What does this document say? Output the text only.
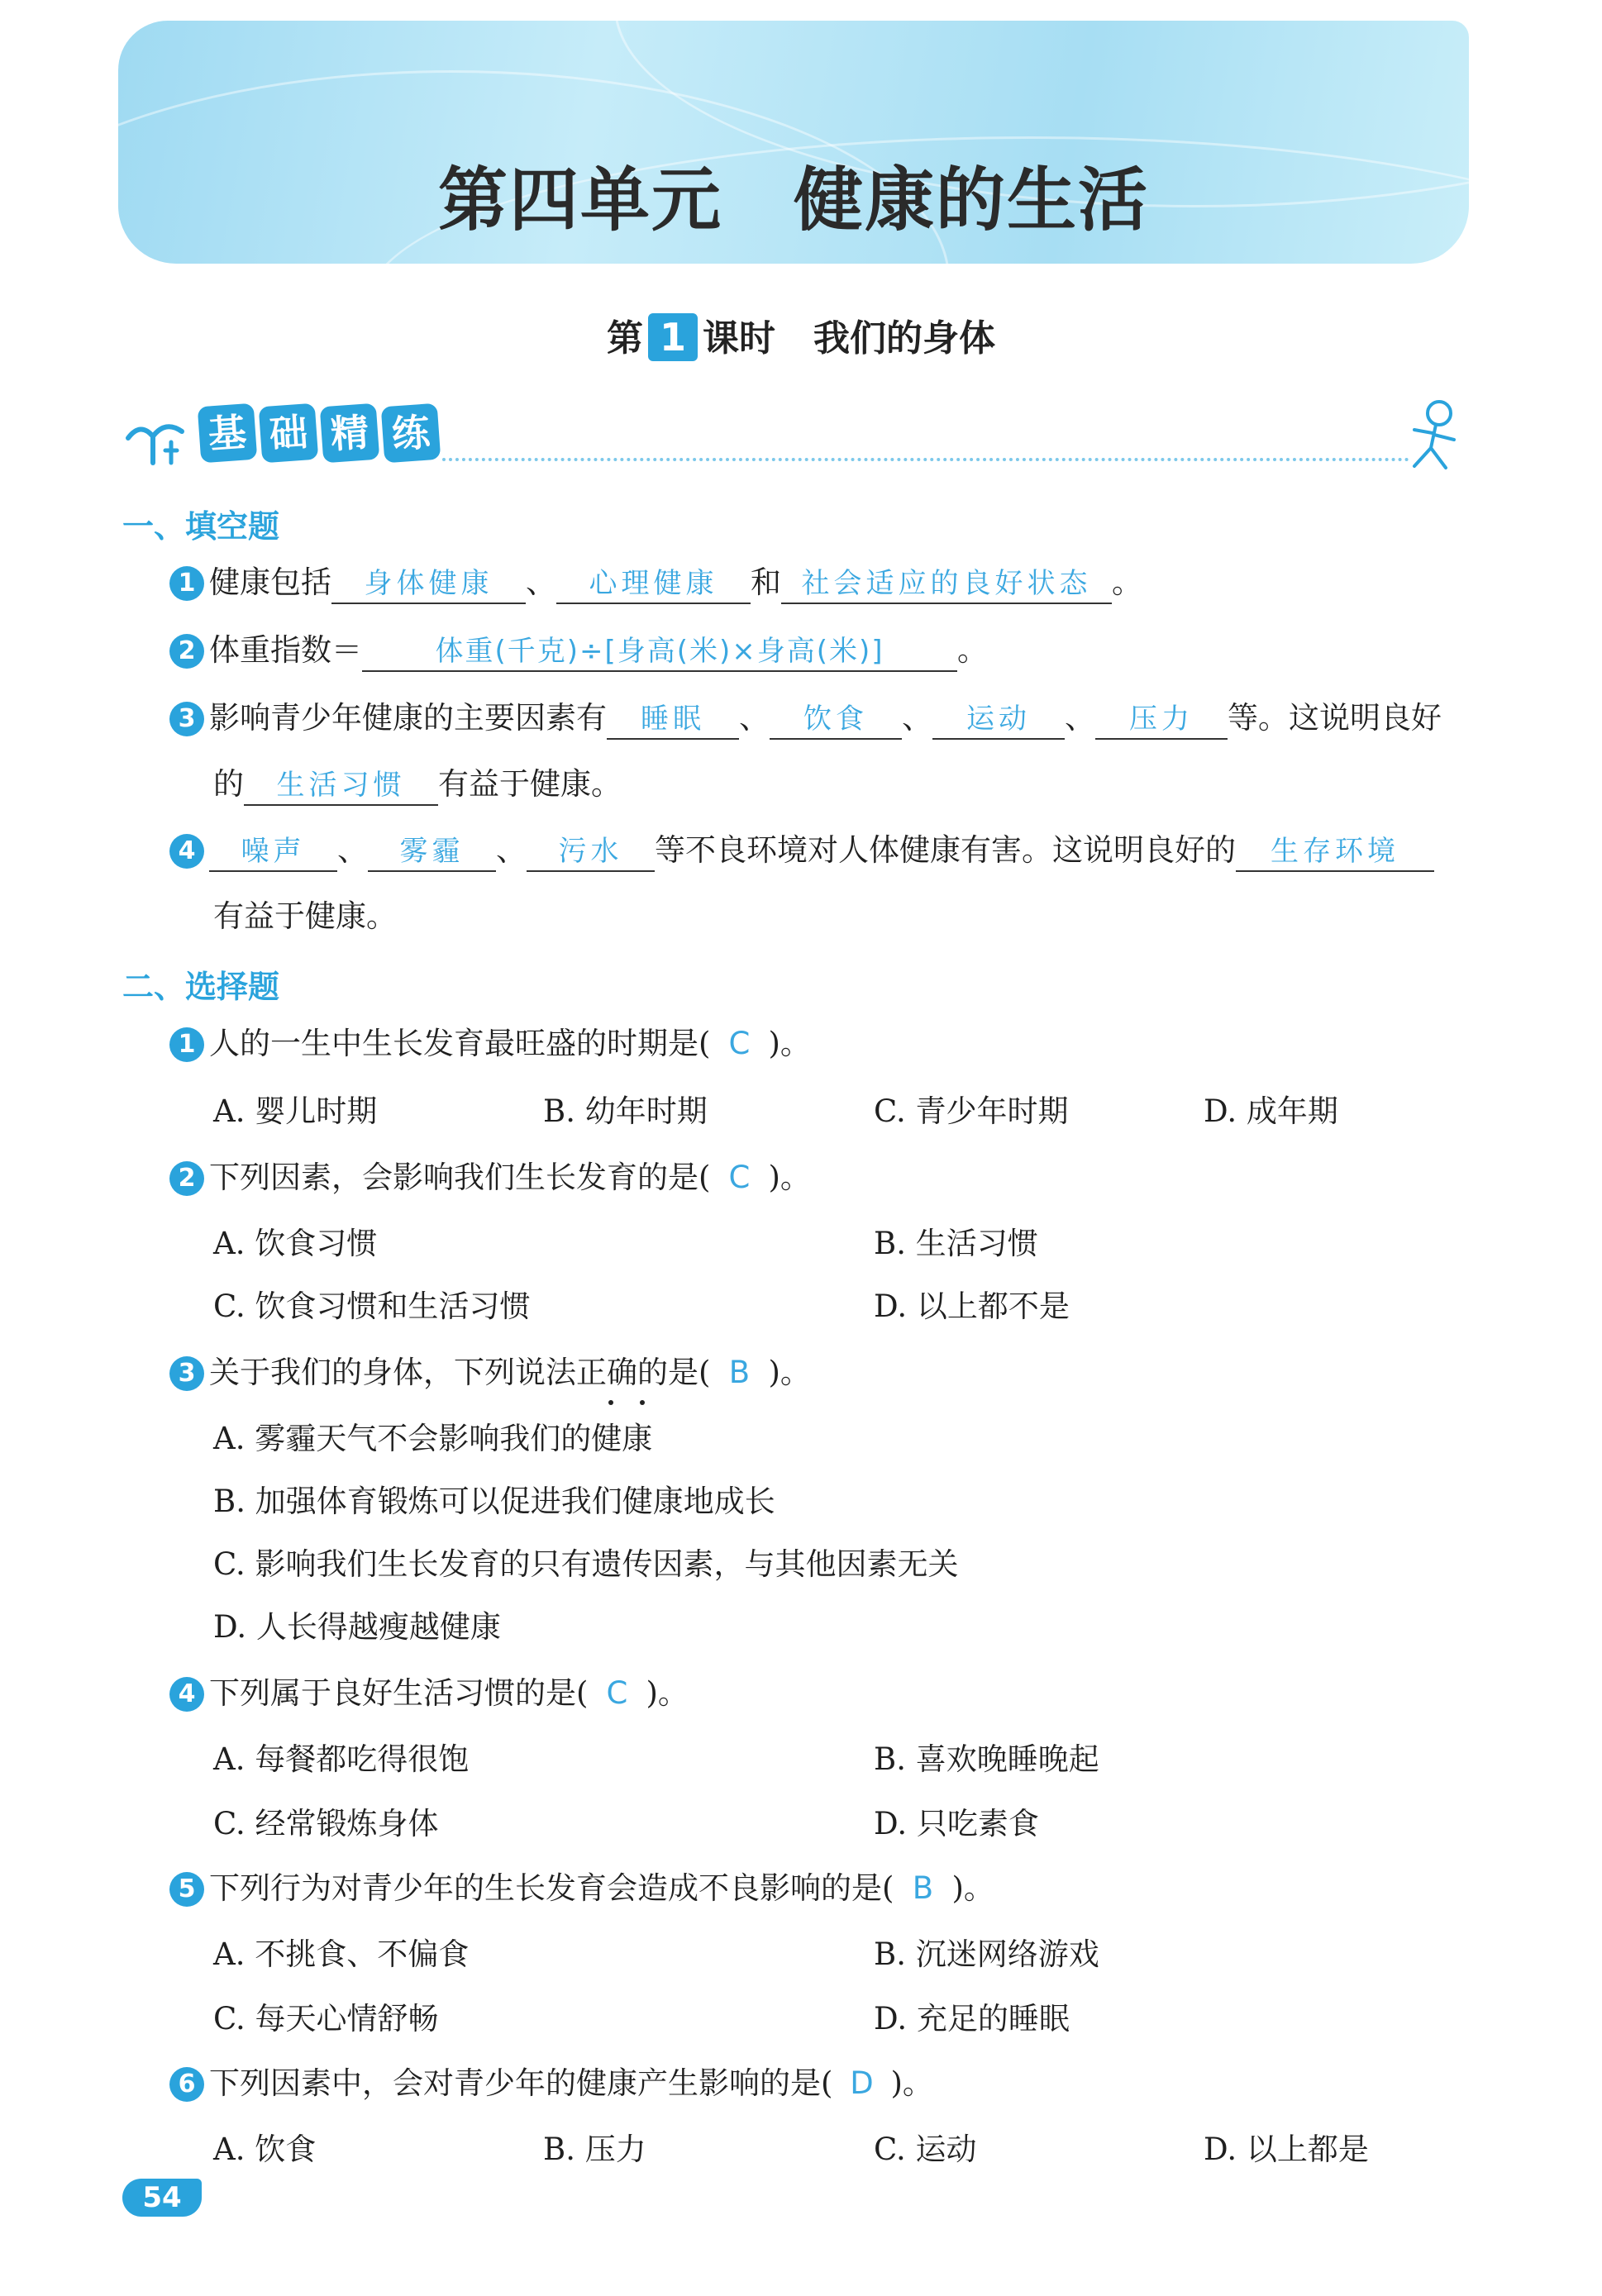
第四单元　健康的生活
第 1 课时 我们的身体
基 础 精 练
一、填空题
1 健康包括 身体健康 、 心理健康 和 社会适应的良好状态 。
2 体重指数＝	体重(千克)÷[身高(米)×身高(米)] 。
3 影响青少年健康的主要因素有 睡眠 、 饮食 、 运动 、 压力 等。这说明良好
的 生活习惯 有益于健康。
4 噪声 、 雾霾 、 污水 等不良环境对人体健康有害。这说明良好的 生存环境
有益于健康。
二、选择题
1 人的一生中生长发育最旺盛的时期是( C )。
A. 婴儿时期	B. 幼年时期	C. 青少年时期	D. 成年期
2 下列因素，会影响我们生长发育的是( C )。
A. 饮食习惯	B. 生活习惯
C. 饮食习惯和生活习惯	D. 以上都不是
3 关于我们的身体，下列说法正确的是( B )。
A. 雾霾天气不会影响我们的健康
B. 加强体育锻炼可以促进我们健康地成长
C. 影响我们生长发育的只有遗传因素，与其他因素无关
D. 人长得越瘦越健康
4 下列属于良好生活习惯的是( C )。
A. 每餐都吃得很饱	B. 喜欢晚睡晚起
C. 经常锻炼身体	D. 只吃素食
5 下列行为对青少年的生长发育会造成不良影响的是( B )。
A. 不挑食、不偏食	B. 沉迷网络游戏
C. 每天心情舒畅	D. 充足的睡眠
6 下列因素中，会对青少年的健康产生影响的是( D )。
A. 饮食	B. 压力	C. 运动	D. 以上都是
54
